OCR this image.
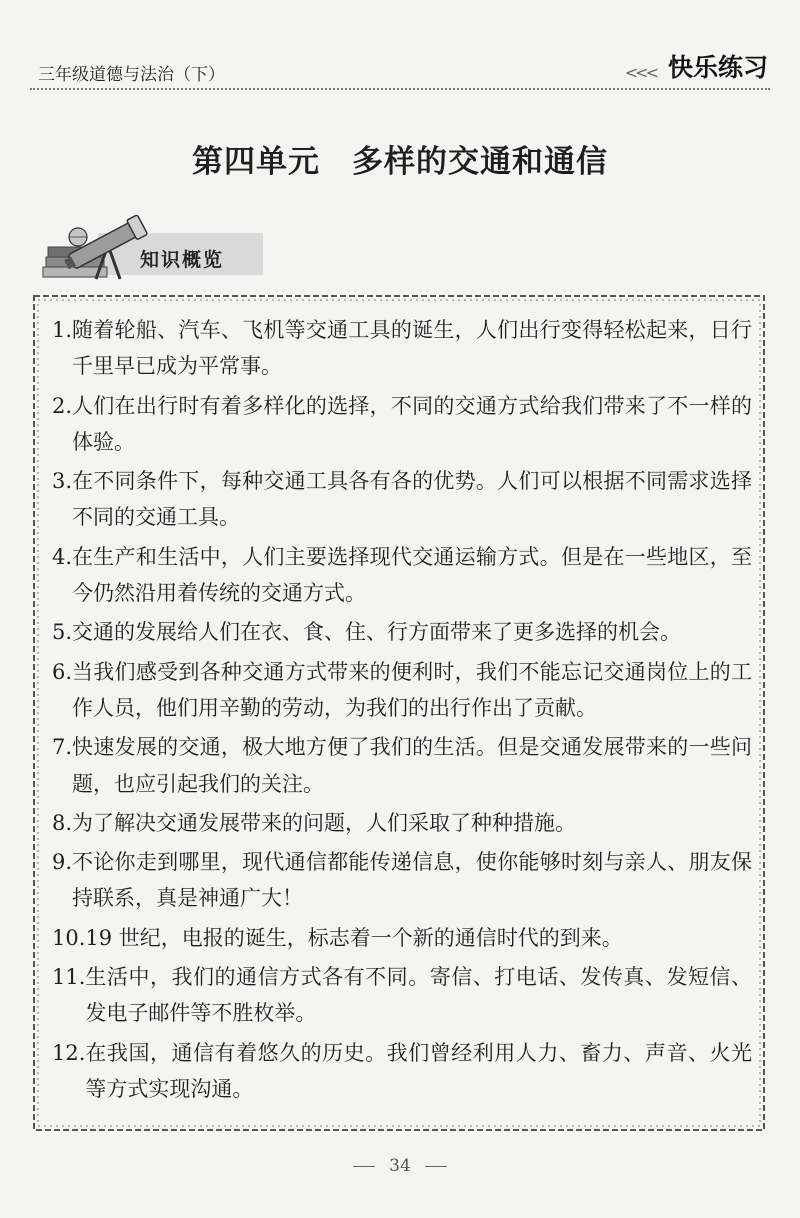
三年级道德与法治（下）	<<< 快乐练习
第四单元　多样的交通和通信
知识概览
1. 随着轮船、汽车、飞机等交通工具的诞生，人们出行变得轻松起来，日行千里早已成为平常事。
2. 人们在出行时有着多样化的选择，不同的交通方式给我们带来了不一样的体验。
3. 在不同条件下，每种交通工具各有各的优势。人们可以根据不同需求选择不同的交通工具。
4. 在生产和生活中，人们主要选择现代交通运输方式。但是在一些地区，至今仍然沿用着传统的交通方式。
5. 交通的发展给人们在衣、食、住、行方面带来了更多选择的机会。
6. 当我们感受到各种交通方式带来的便利时，我们不能忘记交通岗位上的工作人员，他们用辛勤的劳动，为我们的出行作出了贡献。
7. 快速发展的交通，极大地方便了我们的生活。但是交通发展带来的一些问题，也应引起我们的关注。
8. 为了解决交通发展带来的问题，人们采取了种种措施。
9. 不论你走到哪里，现代通信都能传递信息，使你能够时刻与亲人、朋友保持联系，真是神通广大！
10. 19 世纪，电报的诞生，标志着一个新的通信时代的到来。
11. 生活中，我们的通信方式各有不同。寄信、打电话、发传真、发短信、发电子邮件等不胜枚举。
12. 在我国，通信有着悠久的历史。我们曾经利用人力、畜力、声音、火光等方式实现沟通。
34
